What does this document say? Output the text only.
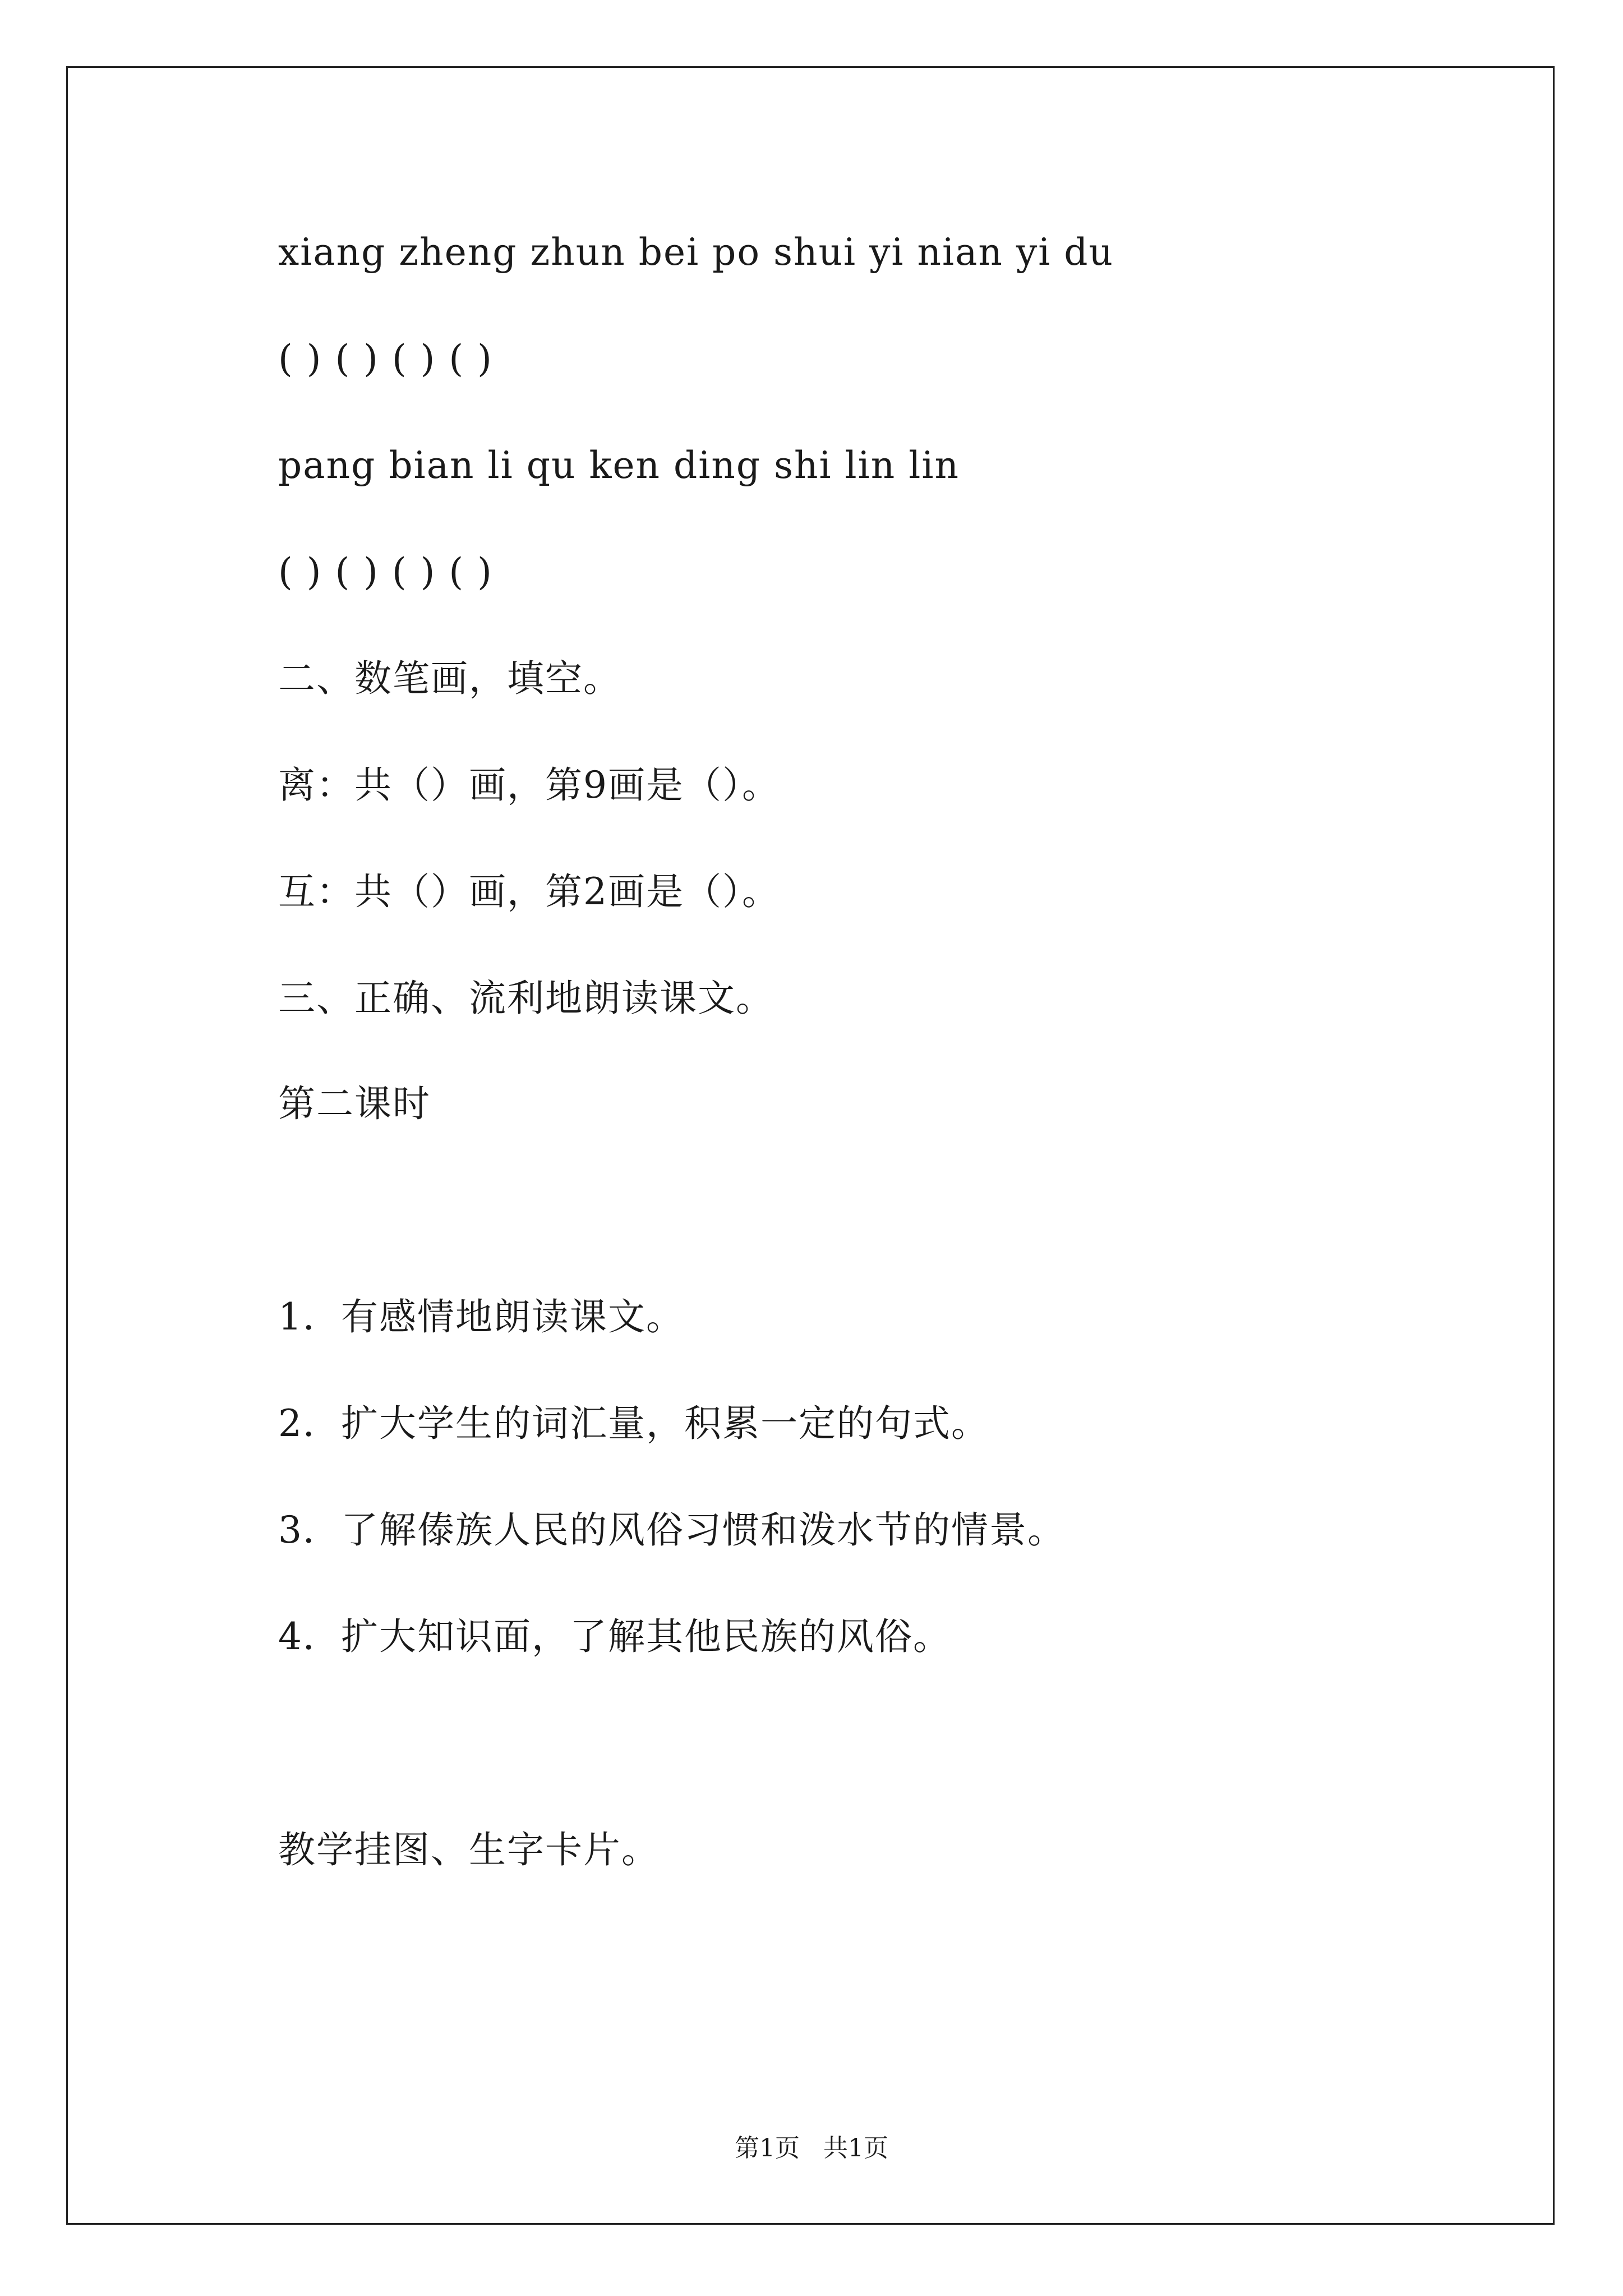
xiang zheng zhun bei po shui yi nian yi du
( ) ( ) ( ) ( )
pang bian li qu ken ding shi lin lin
( ) ( ) ( ) ( )
二、数笔画，填空。
离：共（）画，第9画是（）。
互：共（）画，第2画是（）。
三、正确、流利地朗读课文。
第二课时
1．有感情地朗读课文。
2．扩大学生的词汇量，积累一定的句式。
3．了解傣族人民的风俗习惯和泼水节的情景。
4．扩大知识面，了解其他民族的风俗。
教学挂图、生字卡片。
第1页   共1页
